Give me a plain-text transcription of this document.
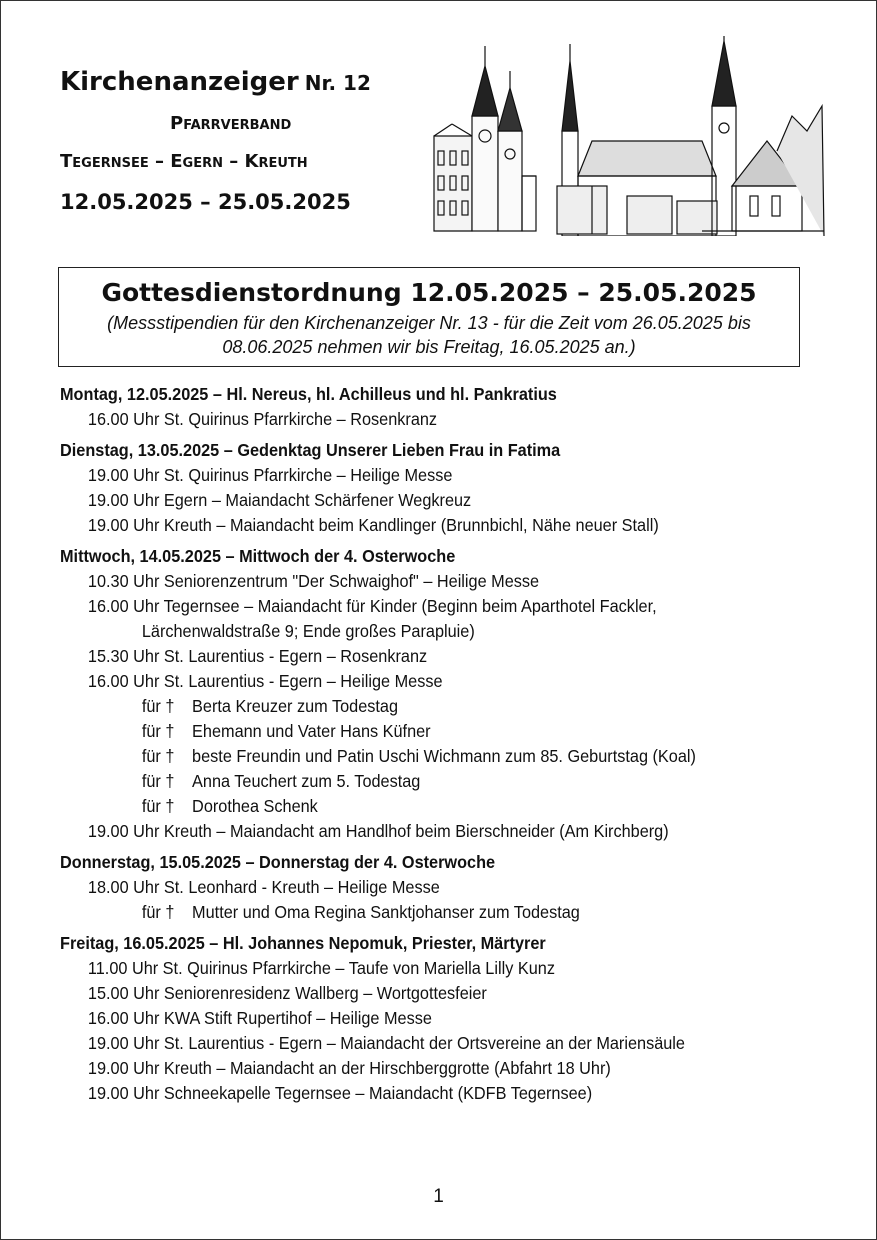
Kirchenanzeiger Nr. 12
Pfarrverband
Tegernsee – Egern – Kreuth
12.05.2025 – 25.05.2025
Gottesdienstordnung 12.05.2025 – 25.05.2025
(Messstipendien für den Kirchenanzeiger Nr. 13 - für die Zeit vom 26.05.2025 bis 08.06.2025 nehmen wir bis Freitag, 16.05.2025 an.)
Montag, 12.05.2025 – Hl. Nereus, hl. Achilleus und hl. Pankratius
16.00 Uhr St. Quirinus Pfarrkirche – Rosenkranz
Dienstag, 13.05.2025 – Gedenktag Unserer Lieben Frau in Fatima
19.00 Uhr St. Quirinus Pfarrkirche – Heilige Messe
19.00 Uhr Egern – Maiandacht Schärfener Wegkreuz
19.00 Uhr Kreuth – Maiandacht beim Kandlinger (Brunnbichl, Nähe neuer Stall)
Mittwoch, 14.05.2025 – Mittwoch der 4. Osterwoche
10.30 Uhr Seniorenzentrum "Der Schwaighof" – Heilige Messe
16.00 Uhr Tegernsee – Maiandacht für Kinder (Beginn beim Aparthotel Fackler,
Lärchenwaldstraße 9; Ende großes Parapluie)
15.30 Uhr St. Laurentius - Egern – Rosenkranz
16.00 Uhr St. Laurentius - Egern – Heilige Messe
für † Berta Kreuzer zum Todestag
für † Ehemann und Vater Hans Küfner
für † beste Freundin und Patin Uschi Wichmann zum 85. Geburtstag (Koal)
für † Anna Teuchert zum 5. Todestag
für † Dorothea Schenk
19.00 Uhr Kreuth – Maiandacht am Handlhof beim Bierschneider (Am Kirchberg)
Donnerstag, 15.05.2025 – Donnerstag der 4. Osterwoche
18.00 Uhr St. Leonhard - Kreuth – Heilige Messe
für † Mutter und Oma Regina Sanktjohanser zum Todestag
Freitag, 16.05.2025 – Hl. Johannes Nepomuk, Priester, Märtyrer
11.00 Uhr St. Quirinus Pfarrkirche – Taufe von Mariella Lilly Kunz
15.00 Uhr Seniorenresidenz Wallberg – Wortgottesfeier
16.00 Uhr KWA Stift Rupertihof – Heilige Messe
19.00 Uhr St. Laurentius - Egern – Maiandacht der Ortsvereine an der Mariensäule
19.00 Uhr Kreuth – Maiandacht an der Hirschberggrotte (Abfahrt 18 Uhr)
19.00 Uhr Schneekapelle Tegernsee – Maiandacht (KDFB Tegernsee)
1
